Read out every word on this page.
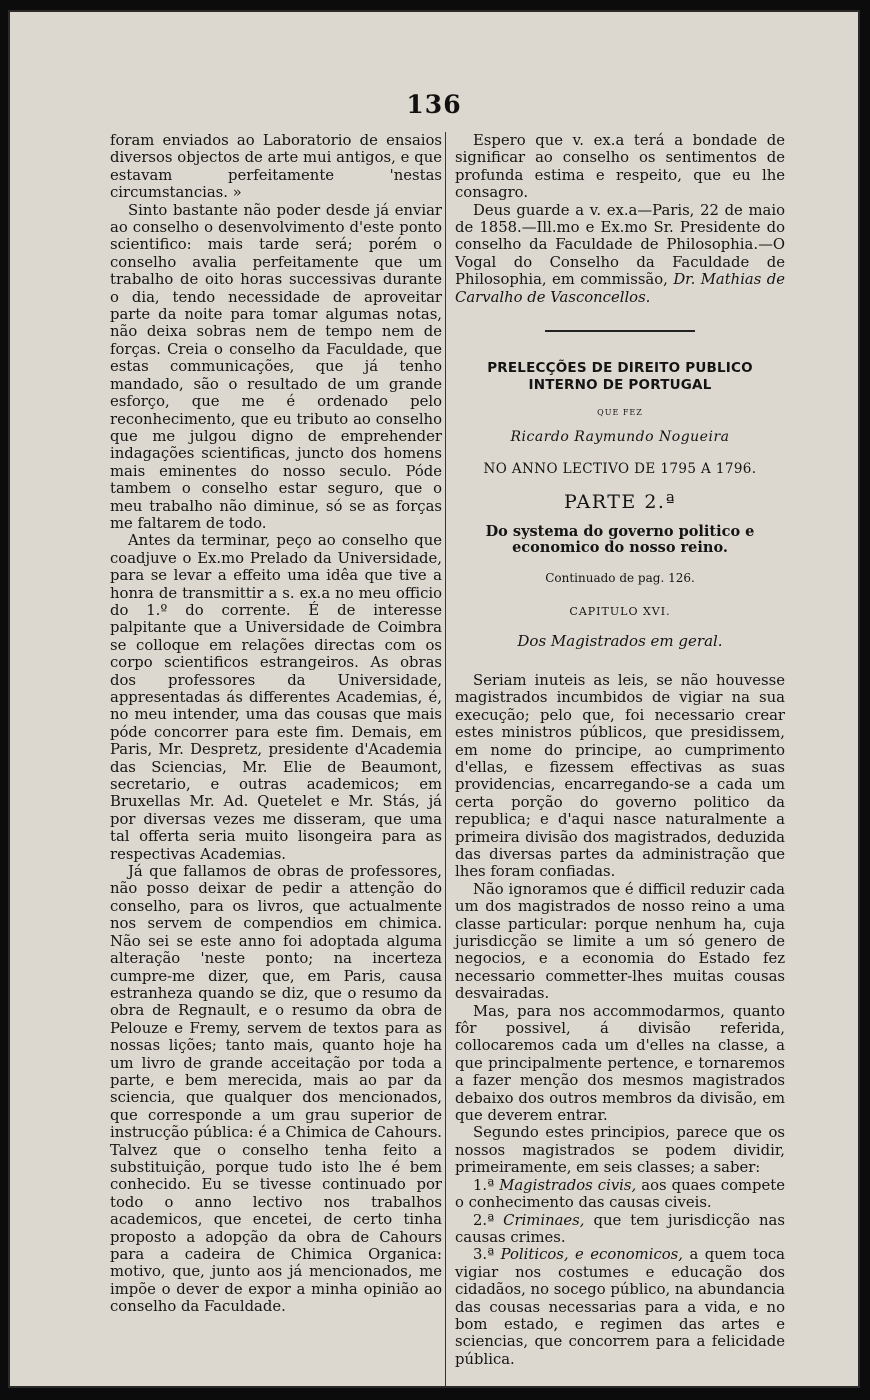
136

foram enviados ao Laboratorio de ensaios diversos objectos de arte mui antigos, e que estavam perfeitamente 'nestas circumstancias. »

Sinto bastante não poder desde já enviar ao conselho o desenvolvimento d'este ponto scientifico: mais tarde será; porém o conselho avalia perfeitamente que um trabalho de oito horas successivas durante o dia, tendo necessidade de aproveitar parte da noite para tomar algumas notas, não deixa sobras nem de tempo nem de forças. Creia o conselho da Faculdade, que estas communicações, que já tenho mandado, são o resultado de um grande esforço, que me é ordenado pelo reconhecimento, que eu tributo ao conselho que me julgou digno de emprehender indagações scientificas, juncto dos homens mais eminentes do nosso seculo. Póde tambem o conselho estar seguro, que o meu trabalho não diminue, só se as forças me faltarem de todo.

Antes da terminar, peço ao conselho que coadjuve o Ex.mo Prelado da Universidade, para se levar a effeito uma idêa que tive a honra de transmittir a s. ex.a no meu officio do 1.º do corrente. É de interesse palpitante que a Universidade de Coimbra se colloque em relações directas com os corpo scientificos estrangeiros. As obras dos professores da Universidade, appresentadas ás differentes Academias, é, no meu intender, uma das cousas que mais póde concorrer para este fim. Demais, em Paris, Mr. Despretz, presidente d'Academia das Sciencias, Mr. Elie de Beaumont, secretario, e outras academicos; em Bruxellas Mr. Ad. Quetelet e Mr. Stás, já por diversas vezes me disseram, que uma tal offerta seria muito lisongeira para as respectivas Academias.

Já que fallamos de obras de professores, não posso deixar de pedir a attenção do conselho, para os livros, que actualmente nos servem de compendios em chimica. Não sei se este anno foi adoptada alguma alteração 'neste ponto; na incerteza cumpre-me dizer, que, em Paris, causa estranheza quando se diz, que o resumo da obra de Regnault, e o resumo da obra de Pelouze e Fremy, servem de textos para as nossas lições; tanto mais, quanto hoje ha um livro de grande acceitação por toda a parte, e bem merecida, mais ao par da sciencia, que qualquer dos mencionados, que corresponde a um grau superior de instrucção pública: é a Chimica de Cahours. Talvez que o conselho tenha feito a substituição, porque tudo isto lhe é bem conhecido. Eu se tivesse continuado por todo o anno lectivo nos trabalhos academicos, que encetei, de certo tinha proposto a adopção da obra de Cahours para a cadeira de Chimica Organica: motivo, que, junto aos já mencionados, me impõe o dever de expor a minha opinião ao conselho da Faculdade.

Espero que v. ex.a terá a bondade de significar ao conselho os sentimentos de profunda estima e respeito, que eu lhe consagro.

Deus guarde a v. ex.a—Paris, 22 de maio de 1858.—Ill.mo e Ex.mo Sr. Presidente do conselho da Faculdade de Philosophia.—O Vogal do Conselho da Faculdade de Philosophia, em commissão, Dr. Mathias de Carvalho de Vasconcellos.

PRELECÇÕES DE DIREITO PUBLICO INTERNO DE PORTUGAL
QUE FEZ
Ricardo Raymundo Nogueira
NO ANNO LECTIVO DE 1795 A 1796.
PARTE 2.ª
Do systema do governo politico e economico do nosso reino.
Continuado de pag. 126.
CAPITULO XVI.
Dos Magistrados em geral.

Seriam inuteis as leis, se não houvesse magistrados incumbidos de vigiar na sua execução; pelo que, foi necessario crear estes ministros públicos, que presidissem, em nome do principe, ao cumprimento d'ellas, e fizessem effectivas as suas providencias, encarregando-se a cada um certa porção do governo politico da republica; e d'aqui nasce naturalmente a primeira divisão dos magistrados, deduzida das diversas partes da administração que lhes foram confiadas.

Não ignoramos que é difficil reduzir cada um dos magistrados de nosso reino a uma classe particular: porque nenhum ha, cuja jurisdicção se limite a um só genero de negocios, e a economia do Estado fez necessario commetter-lhes muitas cousas desvairadas.

Mas, para nos accommodarmos, quanto fôr possivel, á divisão referida, collocaremos cada um d'elles na classe, a que principalmente pertence, e tornaremos a fazer menção dos mesmos magistrados debaixo dos outros membros da divisão, em que deverem entrar.

Segundo estes principios, parece que os nossos magistrados se podem dividir, primeiramente, em seis classes; a saber:

1.ª Magistrados civis, aos quaes compete o conhecimento das causas civeis.

2.ª Criminaes, que tem jurisdicção nas causas crimes.

3.ª Politicos, e economicos, a quem toca vigiar nos costumes e educação dos cidadãos, no socego público, na abundancia das cousas necessarias para a vida, e no bom estado, e regimen das artes e sciencias, que concorrem para a felicidade pública.
